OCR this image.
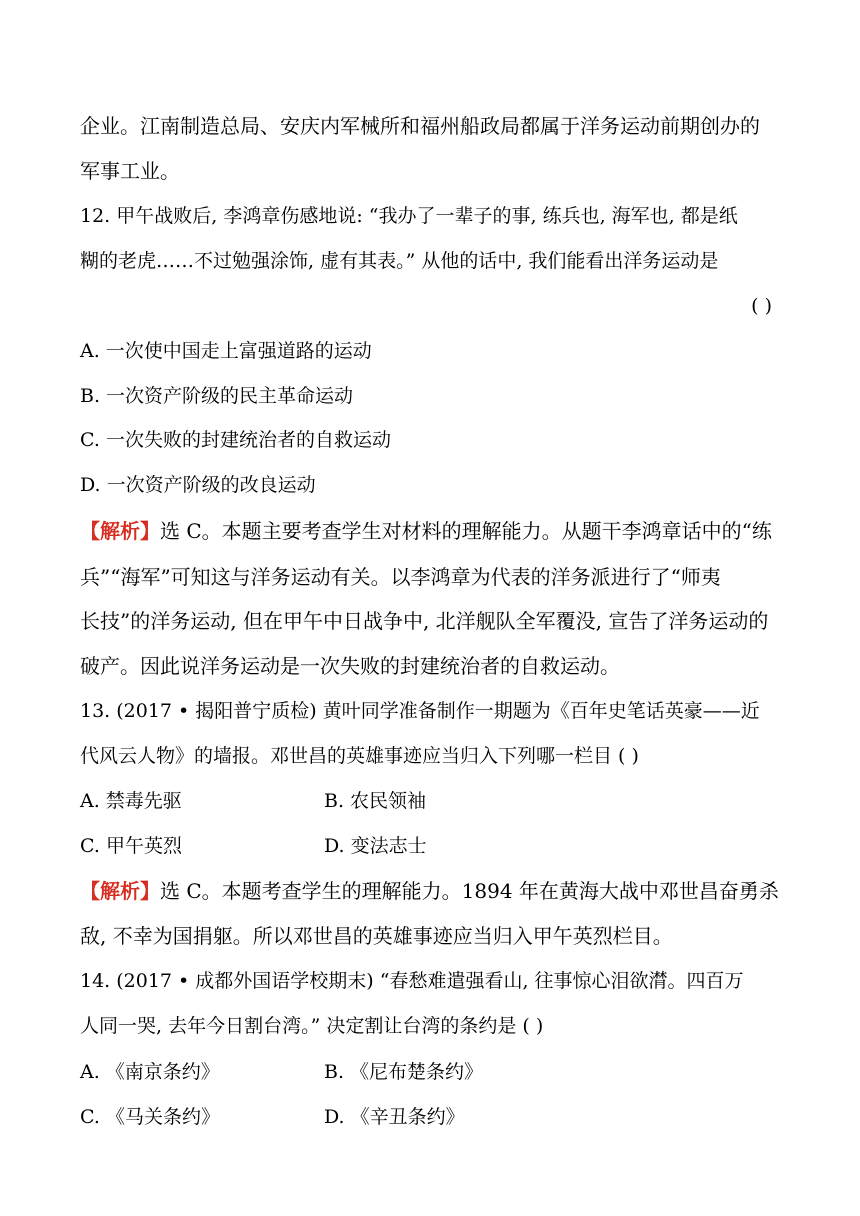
企业。江南制造总局、安庆内军械所和福州船政局都属于洋务运动前期创办的
军事工业。
12. 甲午战败后, 李鸿章伤感地说: “我办了一辈子的事, 练兵也, 海军也, 都是纸
糊的老虎……不过勉强涂饰, 虚有其表。” 从他的话中, 我们能看出洋务运动是
( )
A. 一次使中国走上富强道路的运动
B. 一次资产阶级的民主革命运动
C. 一次失败的封建统治者的自救运动
D. 一次资产阶级的改良运动
【解析】选 C。本题主要考查学生对材料的理解能力。从题干李鸿章话中的“练
兵”“海军”可知这与洋务运动有关。以李鸿章为代表的洋务派进行了“师夷
长技”的洋务运动, 但在甲午中日战争中, 北洋舰队全军覆没, 宣告了洋务运动的
破产。因此说洋务运动是一次失败的封建统治者的自救运动。
13. (2017 • 揭阳普宁质检) 黄叶同学准备制作一期题为《百年史笔话英豪——近
代风云人物》的墙报。邓世昌的英雄事迹应当归入下列哪一栏目 ( )
A. 禁毒先驱	B. 农民领袖
C. 甲午英烈	D. 变法志士
【解析】选 C。本题考查学生的理解能力。1894 年在黄海大战中邓世昌奋勇杀
敌, 不幸为国捐躯。所以邓世昌的英雄事迹应当归入甲午英烈栏目。
14. (2017 • 成都外国语学校期末) “春愁难遣强看山, 往事惊心泪欲潸。四百万
人同一哭, 去年今日割台湾。” 决定割让台湾的条约是 ( )
A. 《南京条约》	B. 《尼布楚条约》
C. 《马关条约》	D. 《辛丑条约》
